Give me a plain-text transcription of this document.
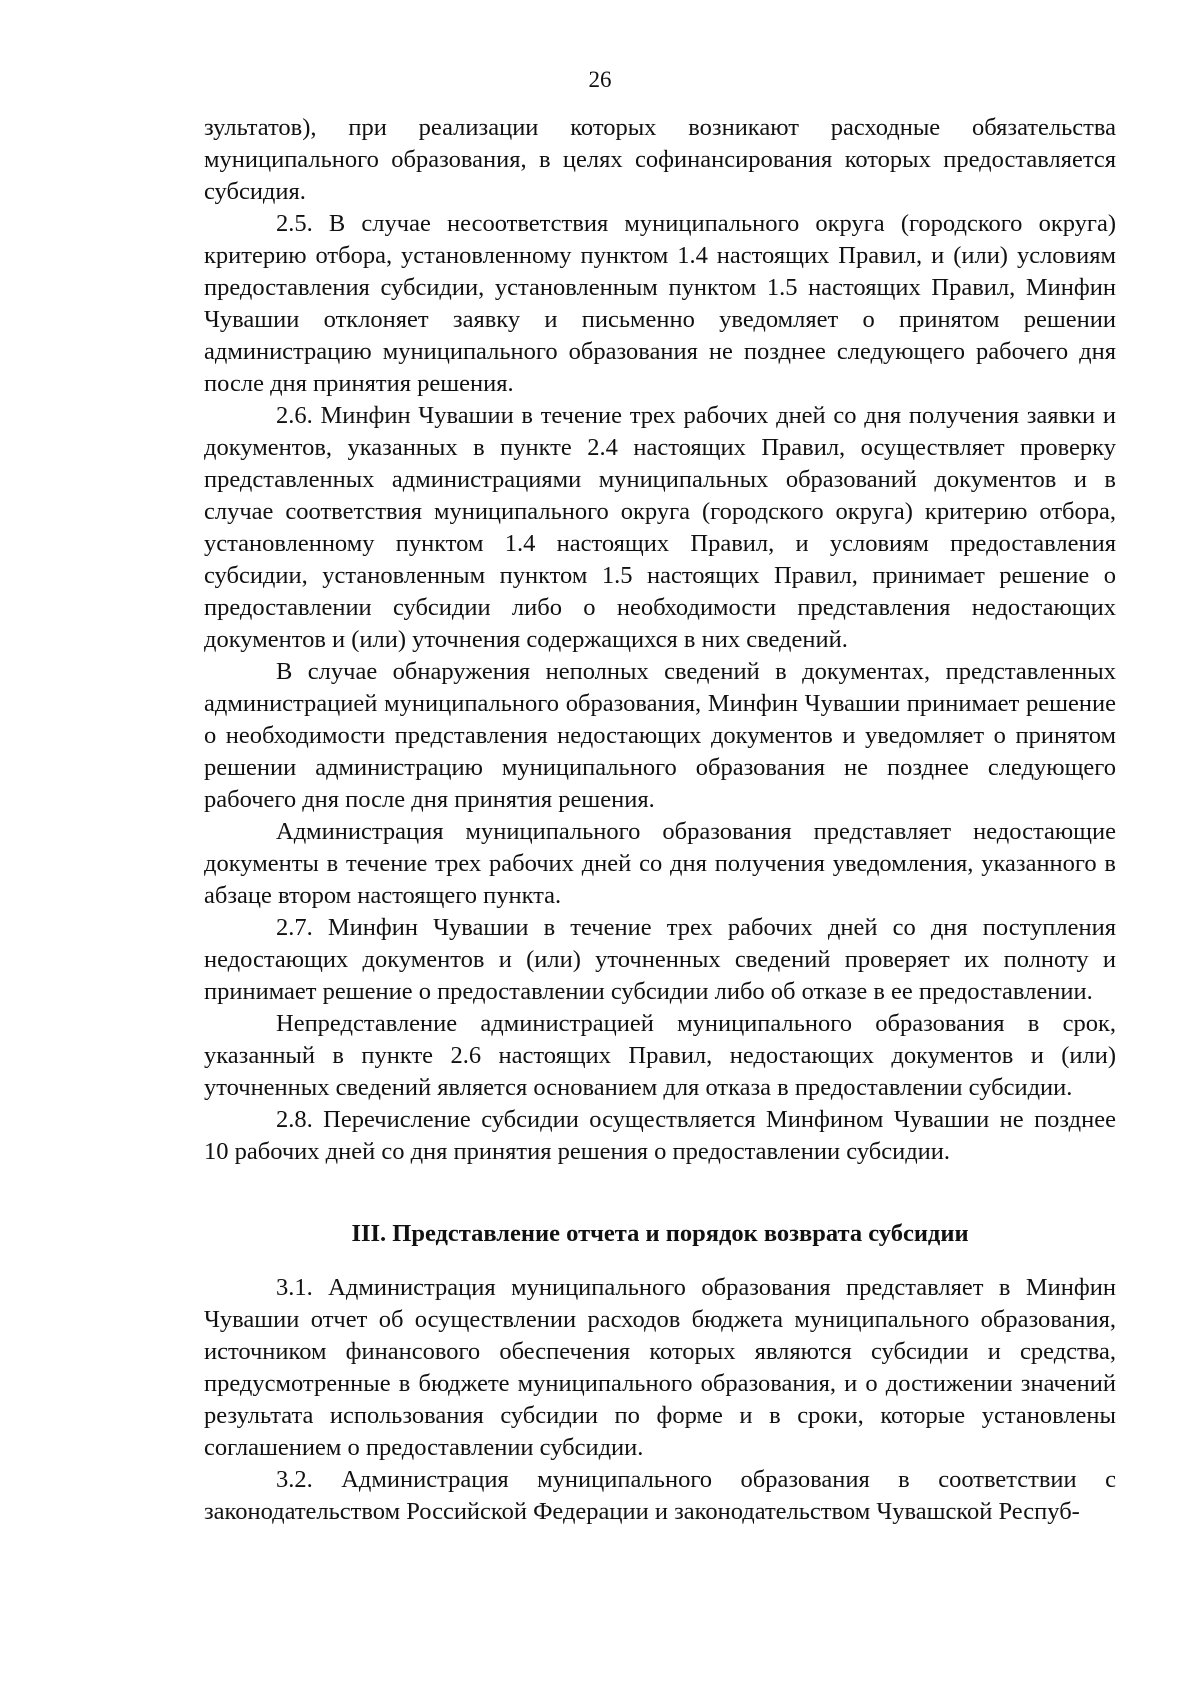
26

зультатов), при реализации которых возникают расходные обязательства муниципального образования, в целях софинансирования которых предоставляется субсидия.

2.5. В случае несоответствия муниципального округа (городского округа) критерию отбора, установленному пунктом 1.4 настоящих Правил, и (или) условиям предоставления субсидии, установленным пунктом 1.5 настоящих Правил, Минфин Чувашии отклоняет заявку и письменно уведомляет о принятом решении администрацию муниципального образования не позднее следующего рабочего дня после дня принятия решения.

2.6. Минфин Чувашии в течение трех рабочих дней со дня получения заявки и документов, указанных в пункте 2.4 настоящих Правил, осуществляет проверку представленных администрациями муниципальных образований документов и в случае соответствия муниципального округа (городского округа) критерию отбора, установленному пунктом 1.4 настоящих Правил, и условиям предоставления субсидии, установленным пунктом 1.5 настоящих Правил, принимает решение о предоставлении субсидии либо о необходимости представления недостающих документов и (или) уточнения содержащихся в них сведений.

В случае обнаружения неполных сведений в документах, представленных администрацией муниципального образования, Минфин Чувашии принимает решение о необходимости представления недостающих документов и уведомляет о принятом решении администрацию муниципального образования не позднее следующего рабочего дня после дня принятия решения.

Администрация муниципального образования представляет недостающие документы в течение трех рабочих дней со дня получения уведомления, указанного в абзаце втором настоящего пункта.

2.7. Минфин Чувашии в течение трех рабочих дней со дня поступления недостающих документов и (или) уточненных сведений проверяет их полноту и принимает решение о предоставлении субсидии либо об отказе в ее предоставлении.

Непредставление администрацией муниципального образования в срок, указанный в пункте 2.6 настоящих Правил, недостающих документов и (или) уточненных сведений является основанием для отказа в предоставлении субсидии.

2.8. Перечисление субсидии осуществляется Минфином Чувашии не позднее 10 рабочих дней со дня принятия решения о предоставлении субсидии.

III. Представление отчета и порядок возврата субсидии

3.1. Администрация муниципального образования представляет в Минфин Чувашии отчет об осуществлении расходов бюджета муниципального образования, источником финансового обеспечения которых являются субсидии и средства, предусмотренные в бюджете муниципального образования, и о достижении значений результата использования субсидии по форме и в сроки, которые установлены соглашением о предоставлении субсидии.

3.2. Администрация муниципального образования в соответствии с законодательством Российской Федерации и законодательством Чувашской Респуб-
